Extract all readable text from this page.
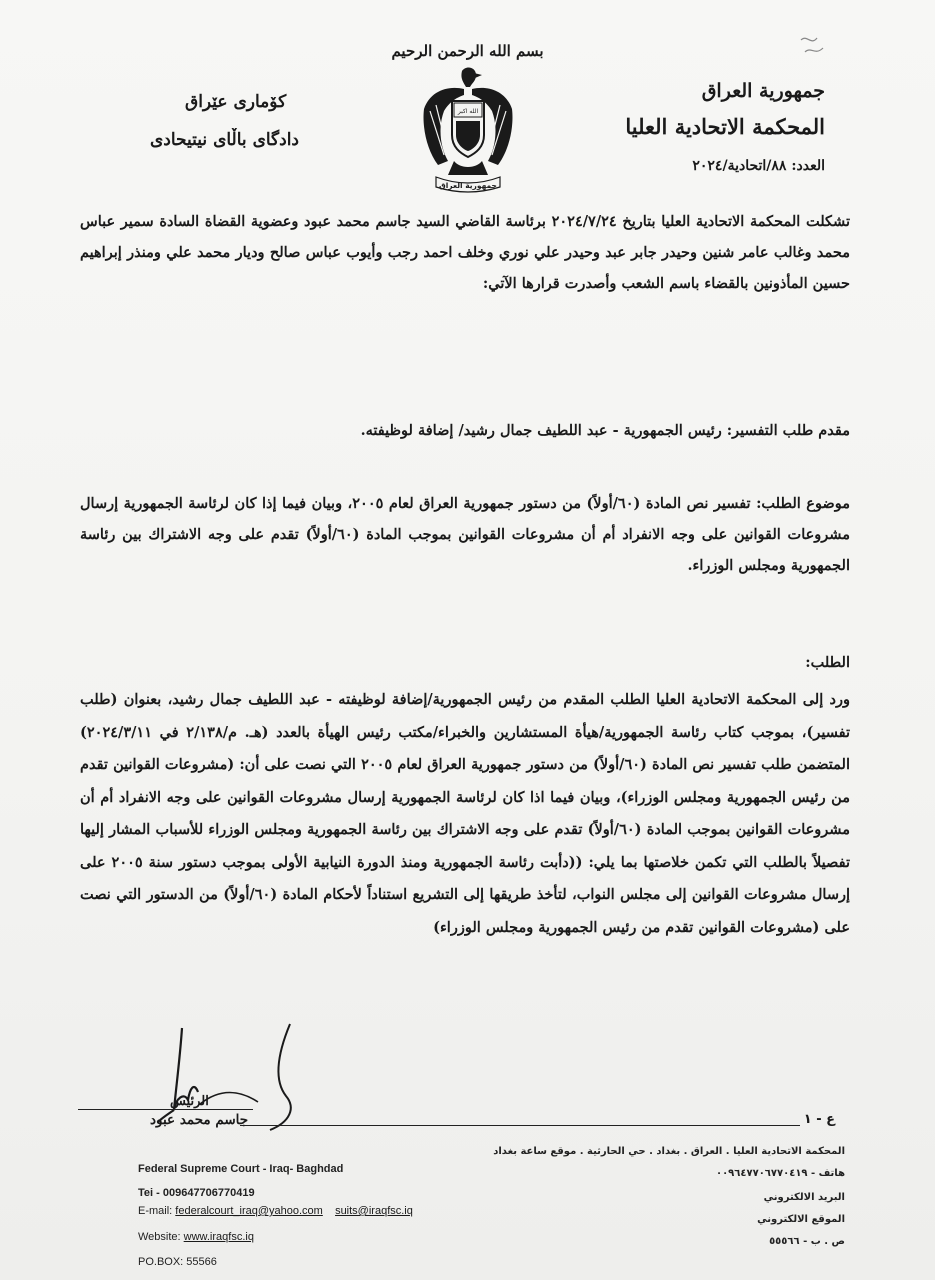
بسم الله الرحمن الرحيم
جمهورية العراق
المحكمة الاتحادية العليا
العدد: ٨٨/اتحادية/٢٠٢٤
كۆماری عێراق
دادگای باڵای نیتیحادی
الله اكبر
جمهورية العراق

تشكلت المحكمة الاتحادية العليا بتاريخ ٢٠٢٤/٧/٢٤ برئاسة القاضي السيد جاسم محمد عبود وعضوية القضاة السادة سمير عباس محمد وغالب عامر شنين وحيدر جابر عبد وحيدر علي نوري وخلف احمد رجب وأيوب عباس صالح وديار محمد علي ومنذر إبراهيم حسين المأذونين بالقضاء باسم الشعب وأصدرت قرارها الآتي:

مقدم طلب التفسير: رئيس الجمهورية - عبد اللطيف جمال رشيد/ إضافة لوظيفته.

موضوع الطلب: تفسير نص المادة (٦٠/أولاً) من دستور جمهورية العراق لعام ٢٠٠٥، وبيان فيما إذا كان لرئاسة الجمهورية إرسال مشروعات القوانين على وجه الانفراد أم أن مشروعات القوانين بموجب المادة (٦٠/أولاً) تقدم على وجه الاشتراك بين رئاسة الجمهورية ومجلس الوزراء.

الطلب:

ورد إلى المحكمة الاتحادية العليا الطلب المقدم من رئيس الجمهورية/إضافة لوظيفته - عبد اللطيف جمال رشيد، بعنوان (طلب تفسير)، بموجب كتاب رئاسة الجمهورية/هيأة المستشارين والخبراء/مكتب رئيس الهيأة بالعدد (هـ. م/٢/١٣٨ في ٢٠٢٤/٣/١١) المتضمن طلب تفسير نص المادة (٦٠/أولاً) من دستور جمهورية العراق لعام ٢٠٠٥ التي نصت على أن: (مشروعات القوانين تقدم من رئيس الجمهورية ومجلس الوزراء)، وبيان فيما اذا كان لرئاسة الجمهورية إرسال مشروعات القوانين على وجه الانفراد أم أن مشروعات القوانين بموجب المادة (٦٠/أولاً) تقدم على وجه الاشتراك بين رئاسة الجمهورية ومجلس الوزراء للأسباب المشار إليها تفصيلاً بالطلب التي تكمن خلاصتها بما يلي: ((دأبت رئاسة الجمهورية ومنذ الدورة النيابية الأولى بموجب دستور سنة ٢٠٠٥ على إرسال مشروعات القوانين إلى مجلس النواب، لتأخذ طريقها إلى التشريع استناداً لأحكام المادة (٦٠/أولاً) من الدستور التي نصت على (مشروعات القوانين تقدم من رئيس الجمهورية ومجلس الوزراء)

الرئيس
جاسم محمد عبود	ع - ١
Federal Supreme Court - Iraq- Baghdad
Tei - 009647706770419
E-mail: federalcourt_iraq@yahoo.com suits@iraqfsc.iq
Website: www.iraqfsc.iq
PO.BOX: 55566
المحكمة الاتحادية العليا . العراق . بغداد . حي الحارثية . موقع ساعة بغداد
هاتف - ٠٠٩٦٤٧٧٠٦٧٧٠٤١٩
البريد الالكتروني
الموقع الالكتروني
ص . ب - ٥٥٥٦٦
